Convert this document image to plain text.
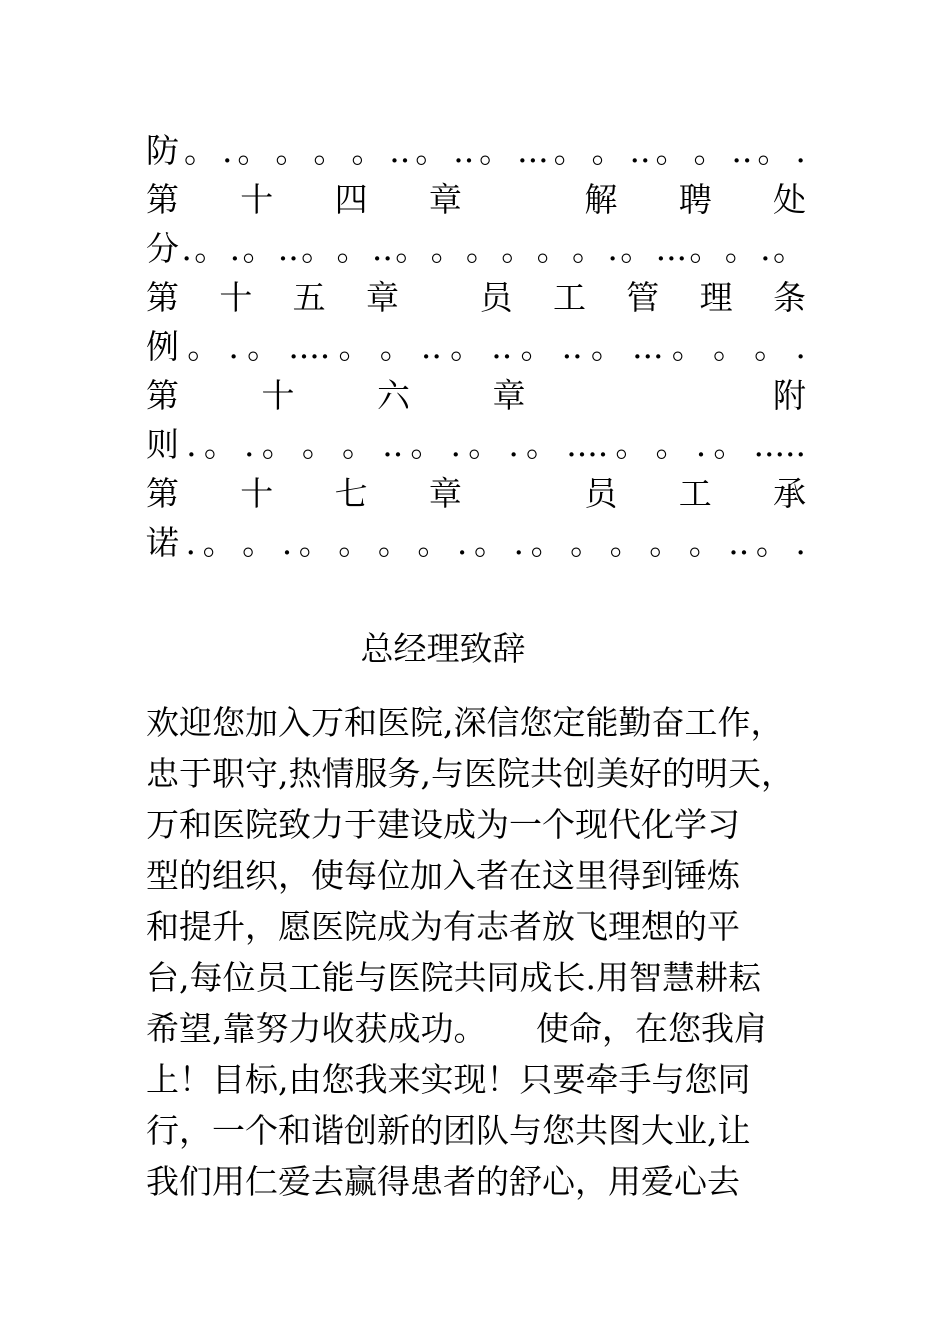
防 。 . 。 。 。 。 .. 。 .. 。 ... 。 。 .. 。 。 .. 。 .
第 十 四 章	解 聘 处
分 . 。 . 。 .. 。 。 .. 。 。 。 。 。 。 . 。 ... 。 。 . 。
第 十 五 章 员 工 管 理 条
例 。 . 。 .... 。 。 .. 。 .. 。 .. 。 ... 。 。 。 .
第	十	六	章	附
则 . 。 . 。 。 。 .. 。 . 。 . 。 .... 。 。 . 。 .....
第 十 七 章	员 工 承
诺 . 。 。 . 。 。 。 。 . 。 . 。 。 。 。 。 .. 。 .
总经理致辞
欢迎您加入万和医院,深信您定能勤奋工作，
忠于职守,热情服务,与医院共创美好的明天，
万和医院致力于建设成为一个现代化学习
型的组织，使每位加入者在这里得到锤炼
和提升，愿医院成为有志者放飞理想的平
台,每位员工能与医院共同成长.用智慧耕耘
希望,靠努力收获成功。　　使命，在您我肩
上！目标,由您我来实现！只要牵手与您同
行，一个和谐创新的团队与您共图大业,让
我们用仁爱去赢得患者的舒心，用爱心去
